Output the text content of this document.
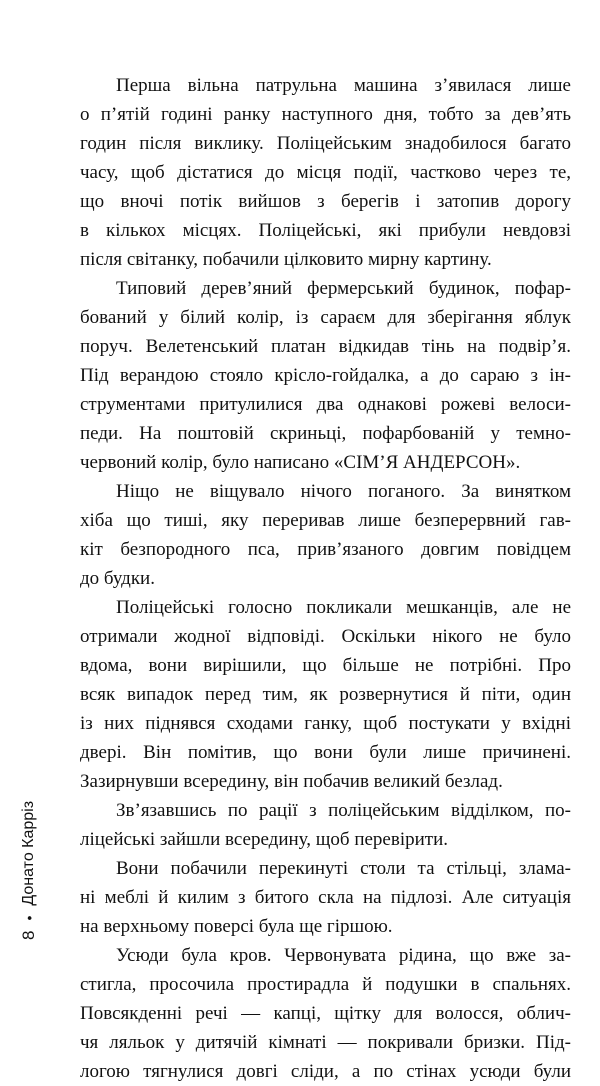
Перша вільна патрульна машина з’явилася лише
о п’ятій годині ранку наступного дня, тобто за дев’ять
годин після виклику. Поліцейським знадобилося багато
часу, щоб дістатися до місця події, частково через те,
що вночі потік вийшов з берегів і затопив дорогу
в кількох місцях. Поліцейські, які прибули невдовзі
після світанку, побачили цілковито мирну картину.

Типовий дерев’яний фермерський будинок, пофар-
бований у білий колір, із сараєм для зберігання яблук
поруч. Велетенський платан відкидав тінь на подвір’я.
Під верандою стояло крісло-гойдалка, а до сараю з ін-
струментами притулилися два однакові рожеві велоси-
педи. На поштовій скриньці, пофарбованій у темно-
червоний колір, було написано «СІМ’Я АНДЕРСОН».

Ніщо не віщувало нічого поганого. За винятком
хіба що тиші, яку переривав лише безперервний гав-
кіт безпородного пса, прив’язаного довгим повідцем
до будки.

Поліцейські голосно покликали мешканців, але не
отримали жодної відповіді. Оскільки нікого не було
вдома, вони вирішили, що більше не потрібні. Про
всяк випадок перед тим, як розвернутися й піти, один
із них піднявся сходами ганку, щоб постукати у вхідні
двері. Він помітив, що вони були лише причинені.
Зазирнувши всередину, він побачив великий безлад.

Зв’язавшись по рації з поліцейським відділком, по-
ліцейські зайшли всередину, щоб перевірити.

Вони побачили перекинуті столи та стільці, злама-
ні меблі й килим з битого скла на підлозі. Але ситуація
на верхньому поверсі була ще гіршою.

Усюди була кров. Червонувата рідина, що вже за-
стигла, просочила простирадла й подушки в спальнях.
Повсякденні речі — капці, щітку для волосся, облич-
чя ляльок у дитячій кімнаті — покривали бризки. Під-
логою тягнулися довгі сліди, а по стінах усюди були

8
•
Донато Карріз
